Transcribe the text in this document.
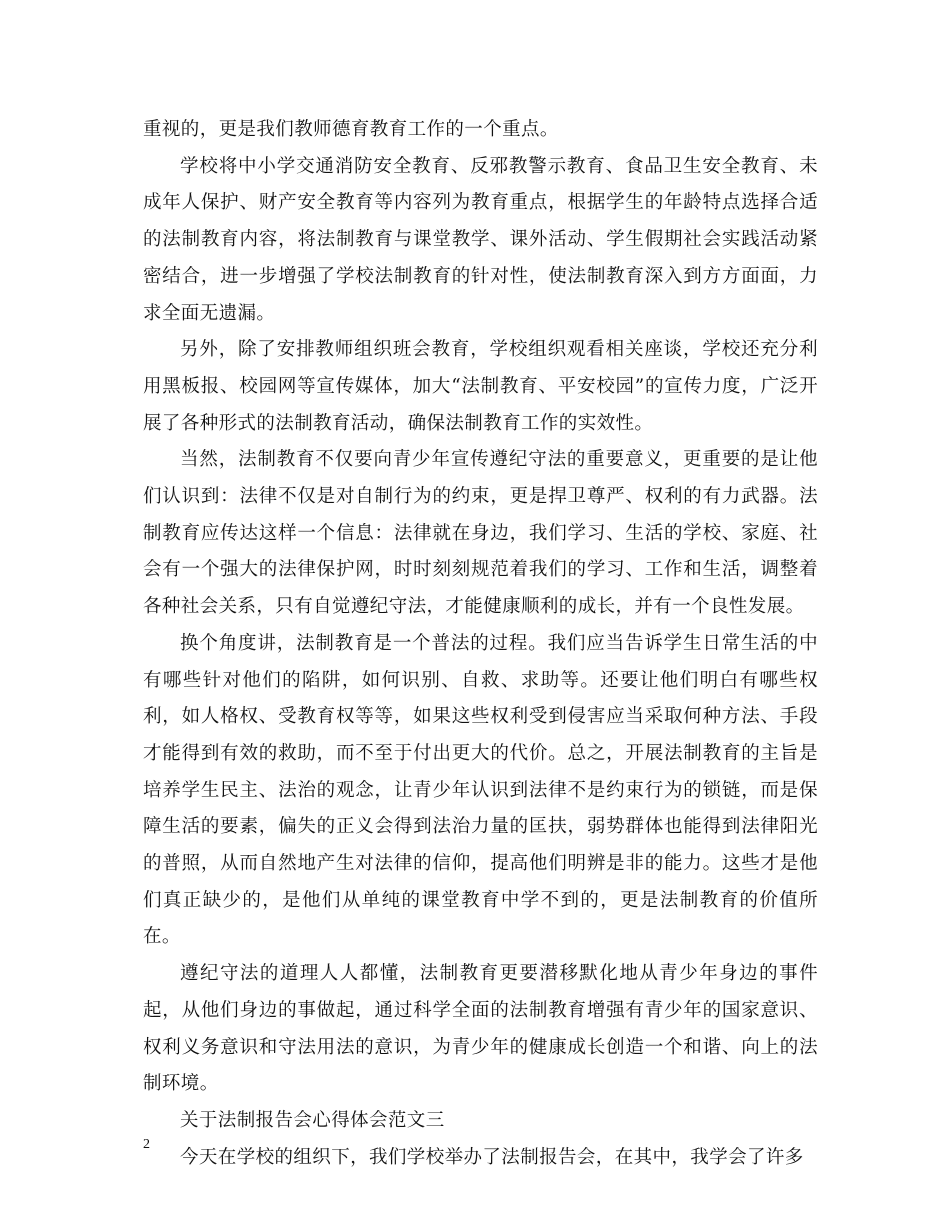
重视的，更是我们教师德育教育工作的一个重点。

学校将中小学交通消防安全教育、反邪教警示教育、食品卫生安全教育、未成年人保护、财产安全教育等内容列为教育重点，根据学生的年龄特点选择合适的法制教育内容，将法制教育与课堂教学、课外活动、学生假期社会实践活动紧密结合，进一步增强了学校法制教育的针对性，使法制教育深入到方方面面，力求全面无遗漏。

另外，除了安排教师组织班会教育，学校组织观看相关座谈，学校还充分利用黑板报、校园网等宣传媒体，加大“法制教育、平安校园”的宣传力度，广泛开展了各种形式的法制教育活动，确保法制教育工作的实效性。

当然，法制教育不仅要向青少年宣传遵纪守法的重要意义，更重要的是让他们认识到：法律不仅是对自制行为的约束，更是捍卫尊严、权利的有力武器。法制教育应传达这样一个信息：法律就在身边，我们学习、生活的学校、家庭、社会有一个强大的法律保护网，时时刻刻规范着我们的学习、工作和生活，调整着各种社会关系，只有自觉遵纪守法，才能健康顺利的成长，并有一个良性发展。

换个角度讲，法制教育是一个普法的过程。我们应当告诉学生日常生活的中有哪些针对他们的陷阱，如何识别、自救、求助等。还要让他们明白有哪些权利，如人格权、受教育权等等，如果这些权利受到侵害应当采取何种方法、手段才能得到有效的救助，而不至于付出更大的代价。总之，开展法制教育的主旨是培养学生民主、法治的观念，让青少年认识到法律不是约束行为的锁链，而是保障生活的要素，偏失的正义会得到法治力量的匡扶，弱势群体也能得到法律阳光的普照，从而自然地产生对法律的信仰，提高他们明辨是非的能力。这些才是他们真正缺少的，是他们从单纯的课堂教育中学不到的，更是法制教育的价值所在。

遵纪守法的道理人人都懂，法制教育更要潜移默化地从青少年身边的事件起，从他们身边的事做起，通过科学全面的法制教育增强有青少年的国家意识、权利义务意识和守法用法的意识，为青少年的健康成长创造一个和谐、向上的法制环境。

关于法制报告会心得体会范文三

今天在学校的组织下，我们学校举办了法制报告会，在其中，我学会了许多

2
